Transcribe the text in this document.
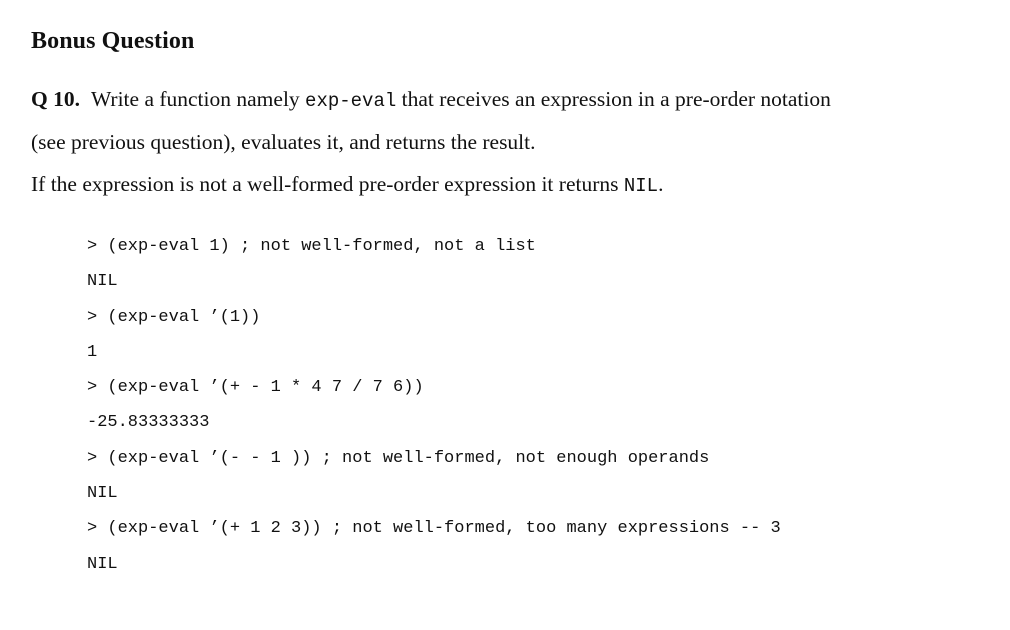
Bonus Question
Q 10. Write a function namely exp-eval that receives an expression in a pre-order notation
(see previous question), evaluates it, and returns the result.
If the expression is not a well-formed pre-order expression it returns NIL.
> (exp-eval 1) ; not well-formed, not a list
NIL
> (exp-eval ’(1))
1
> (exp-eval ’(+ - 1 * 4 7 / 7 6))
-25.83333333
> (exp-eval ’(- - 1 )) ; not well-formed, not enough operands
NIL
> (exp-eval ’(+ 1 2 3)) ; not well-formed, too many expressions -- 3
NIL
